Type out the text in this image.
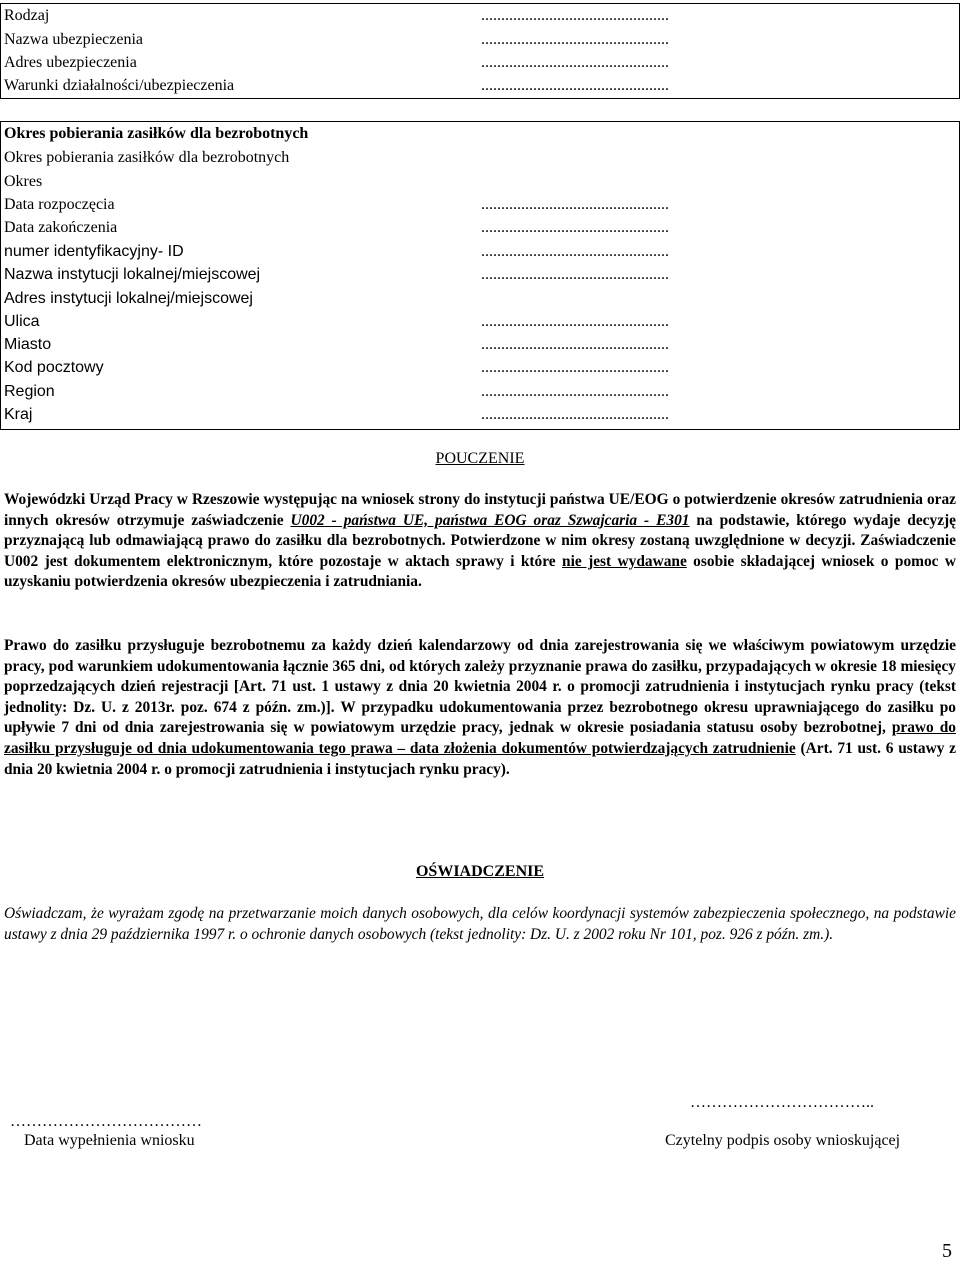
Rodzaj	...............................................
Nazwa ubezpieczenia	...............................................
Adres ubezpieczenia	...............................................
Warunki działalności/ubezpieczenia	...............................................
Okres pobierania zasiłków dla bezrobotnych
Okres pobierania zasiłków dla bezrobotnych
Okres
Data rozpoczęcia	...............................................
Data zakończenia	...............................................
numer identyfikacyjny- ID	...............................................
Nazwa instytucji lokalnej/miejscowej	...............................................
Adres instytucji lokalnej/miejscowej
Ulica	...............................................
Miasto	...............................................
Kod pocztowy	...............................................
Region	...............................................
Kraj	...............................................
POUCZENIE

Wojewódzki Urząd Pracy w Rzeszowie występując na wniosek strony do instytucji państwa UE/EOG o potwierdzenie okresów zatrudnienia oraz innych okresów otrzymuje zaświadczenie U002 - państwa UE, państwa EOG oraz Szwajcaria - E301 na podstawie, którego wydaje decyzję przyznającą lub odmawiającą prawo do zasiłku dla bezrobotnych. Potwierdzone w nim okresy zostaną uwzględnione w decyzji. Zaświadczenie U002 jest dokumentem elektronicznym, które pozostaje w aktach sprawy i które nie jest wydawane osobie składającej wniosek o pomoc w uzyskaniu potwierdzenia okresów ubezpieczenia i zatrudniania.

Prawo do zasiłku przysługuje bezrobotnemu za każdy dzień kalendarzowy od dnia zarejestrowania się we właściwym powiatowym urzędzie pracy, pod warunkiem udokumentowania łącznie 365 dni, od których zależy przyznanie prawa do zasiłku, przypadających w okresie 18 miesięcy poprzedzających dzień rejestracji [Art. 71 ust. 1 ustawy z dnia 20 kwietnia 2004 r. o promocji zatrudnienia i instytucjach rynku pracy (tekst jednolity: Dz. U. z 2013r. poz. 674 z późn. zm.)]. W przypadku udokumentowania przez bezrobotnego okresu uprawniającego do zasiłku po upływie 7 dni od dnia zarejestrowania się w powiatowym urzędzie pracy, jednak w okresie posiadania statusu osoby bezrobotnej, prawo do zasiłku przysługuje od dnia udokumentowania tego prawa – data złożenia dokumentów potwierdzających zatrudnienie (Art. 71 ust. 6 ustawy z dnia 20 kwietnia 2004 r. o promocji zatrudnienia i instytucjach rynku pracy).

OŚWIADCZENIE
Oświadczam, że wyrażam zgodę na przetwarzanie moich danych osobowych, dla celów koordynacji systemów zabezpieczenia społecznego, na podstawie ustawy z dnia 29 października 1997 r. o ochronie danych osobowych (tekst jednolity: Dz. U. z 2002 roku Nr 101, poz. 926 z późn. zm.).
………………………………
Data wypełnienia wniosku
……………………………..
Czytelny podpis osoby wnioskującej
5
